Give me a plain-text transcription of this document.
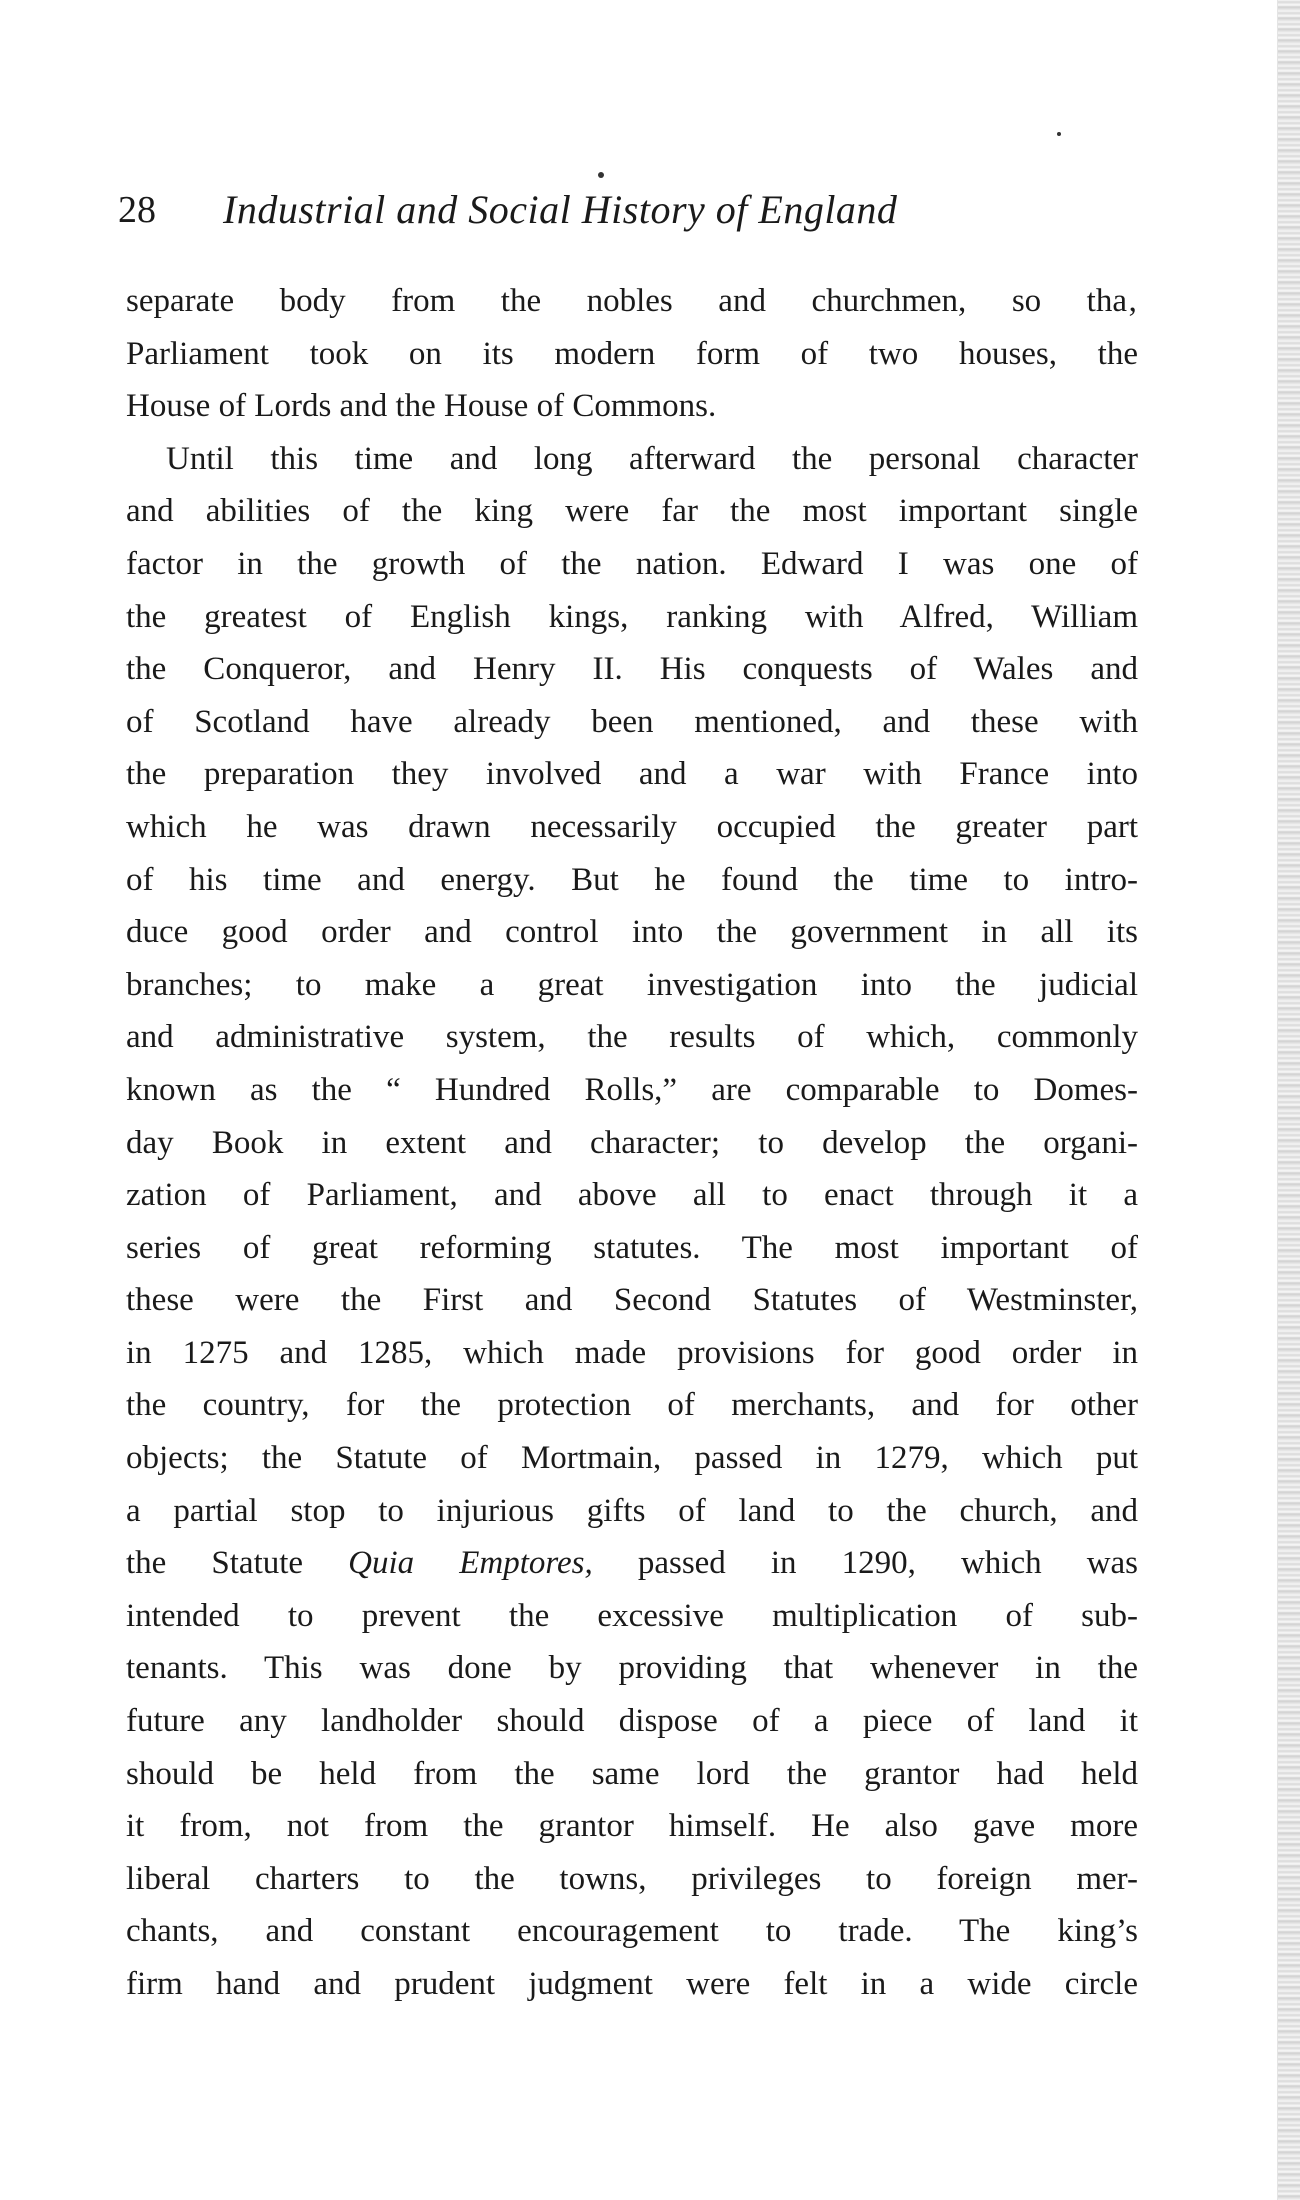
28 Industrial and Social History of England
separate body from the nobles and churchmen, so tha‚
Parliament took on its modern form of two houses, the
House of Lords and the House of Commons.
Until this time and long afterward the personal character
and abilities of the king were far the most important single
factor in the growth of the nation. Edward I was one of
the greatest of English kings, ranking with Alfred, William
the Conqueror, and Henry II. His conquests of Wales and
of Scotland have already been mentioned, and these with
the preparation they involved and a war with France into
which he was drawn necessarily occupied the greater part
of his time and energy. But he found the time to intro-
duce good order and control into the government in all its
branches; to make a great investigation into the judicial
and administrative system, the results of which, commonly
known as the “ Hundred Rolls,” are comparable to Domes-
day Book in extent and character; to develop the organi-
zation of Parliament, and above all to enact through it a
series of great reforming statutes. The most important of
these were the First and Second Statutes of Westminster,
in 1275 and 1285, which made provisions for good order in
the country, for the protection of merchants, and for other
objects; the Statute of Mortmain, passed in 1279, which put
a partial stop to injurious gifts of land to the church, and
the Statute Quia Emptores, passed in 1290, which was
intended to prevent the excessive multiplication of sub-
tenants. This was done by providing that whenever in the
future any landholder should dispose of a piece of land it
should be held from the same lord the grantor had held
it from, not from the grantor himself. He also gave more
liberal charters to the towns, privileges to foreign mer-
chants, and constant encouragement to trade. The king’s
firm hand and prudent judgment were felt in a wide circle
